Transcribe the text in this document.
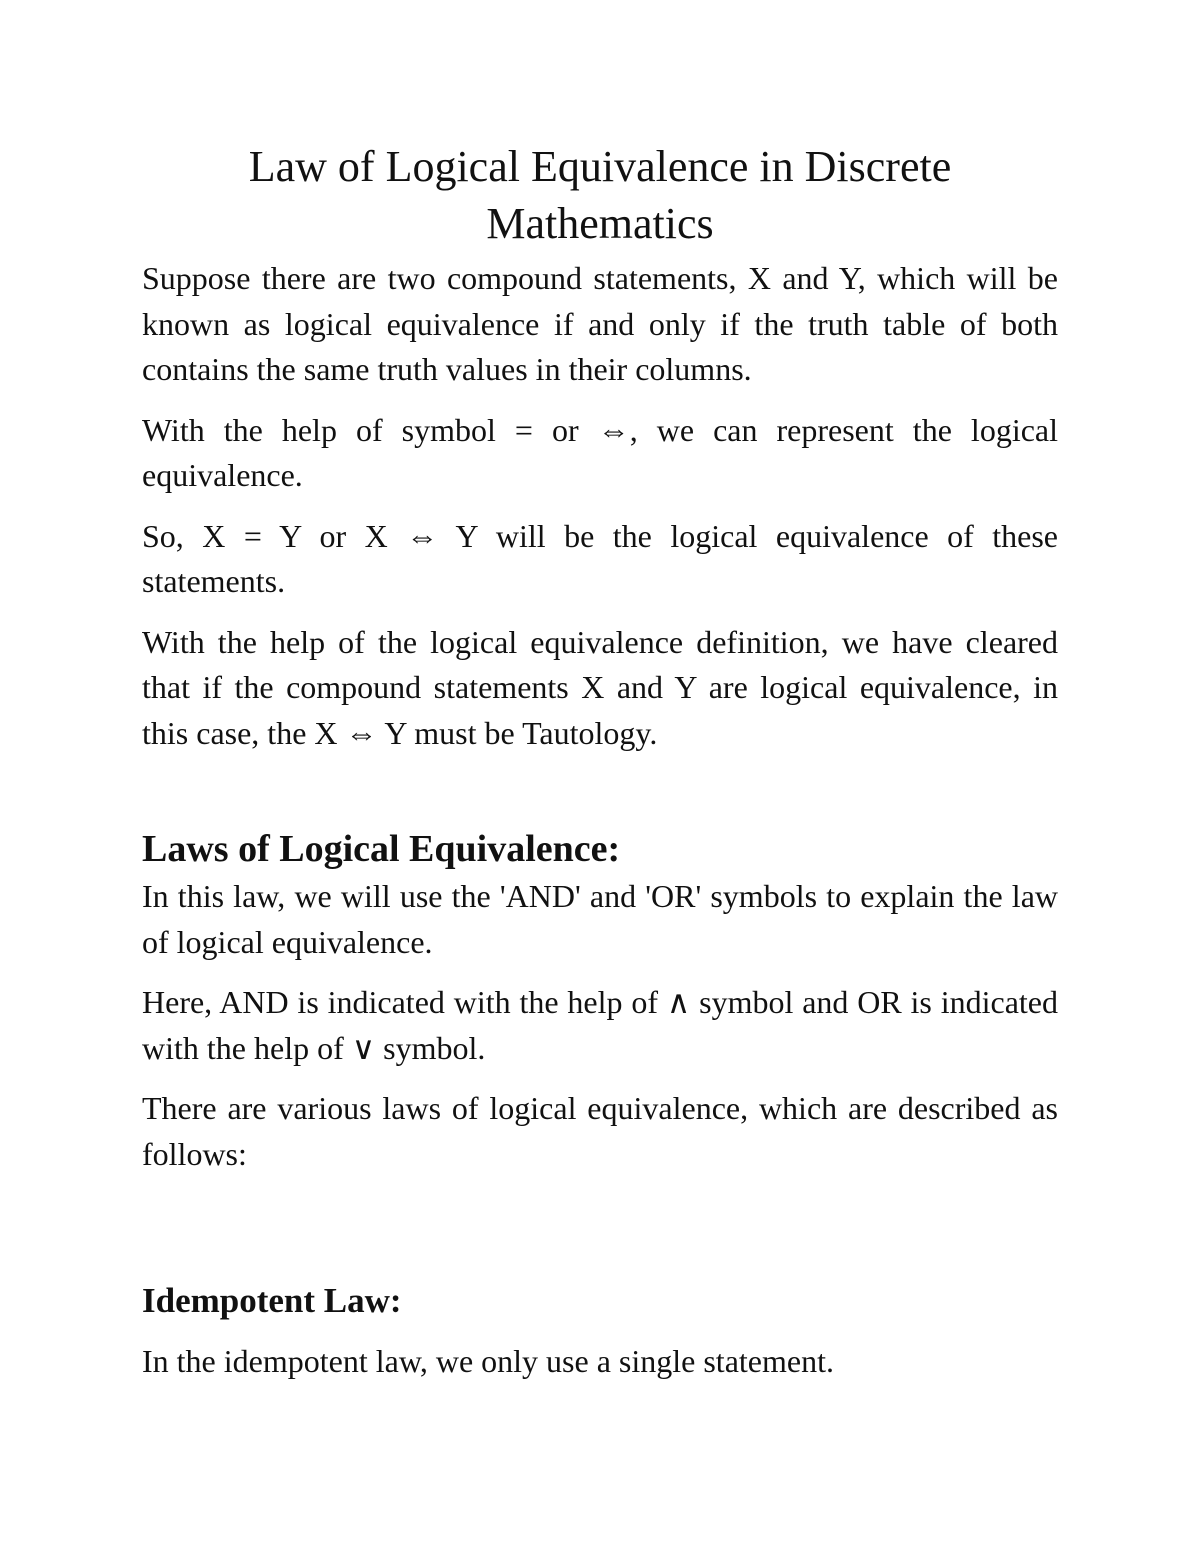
Law of Logical Equivalence in Discrete
Mathematics

Suppose there are two compound statements, X and Y, which will be known as logical equivalence if and only if the truth table of both contains the same truth values in their columns.

With the help of symbol = or ⇔, we can represent the logical equivalence.

So, X = Y or X ⇔ Y will be the logical equivalence of these statements.

With the help of the logical equivalence definition, we have cleared that if the compound statements X and Y are logical equivalence, in this case, the X ⇔ Y must be Tautology.

Laws of Logical Equivalence:

In this law, we will use the 'AND' and 'OR' symbols to explain the law of logical equivalence.

Here, AND is indicated with the help of ∧ symbol and OR is indicated with the help of ∨ symbol.

There are various laws of logical equivalence, which are described as follows:

Idempotent Law:

In the idempotent law, we only use a single statement.
